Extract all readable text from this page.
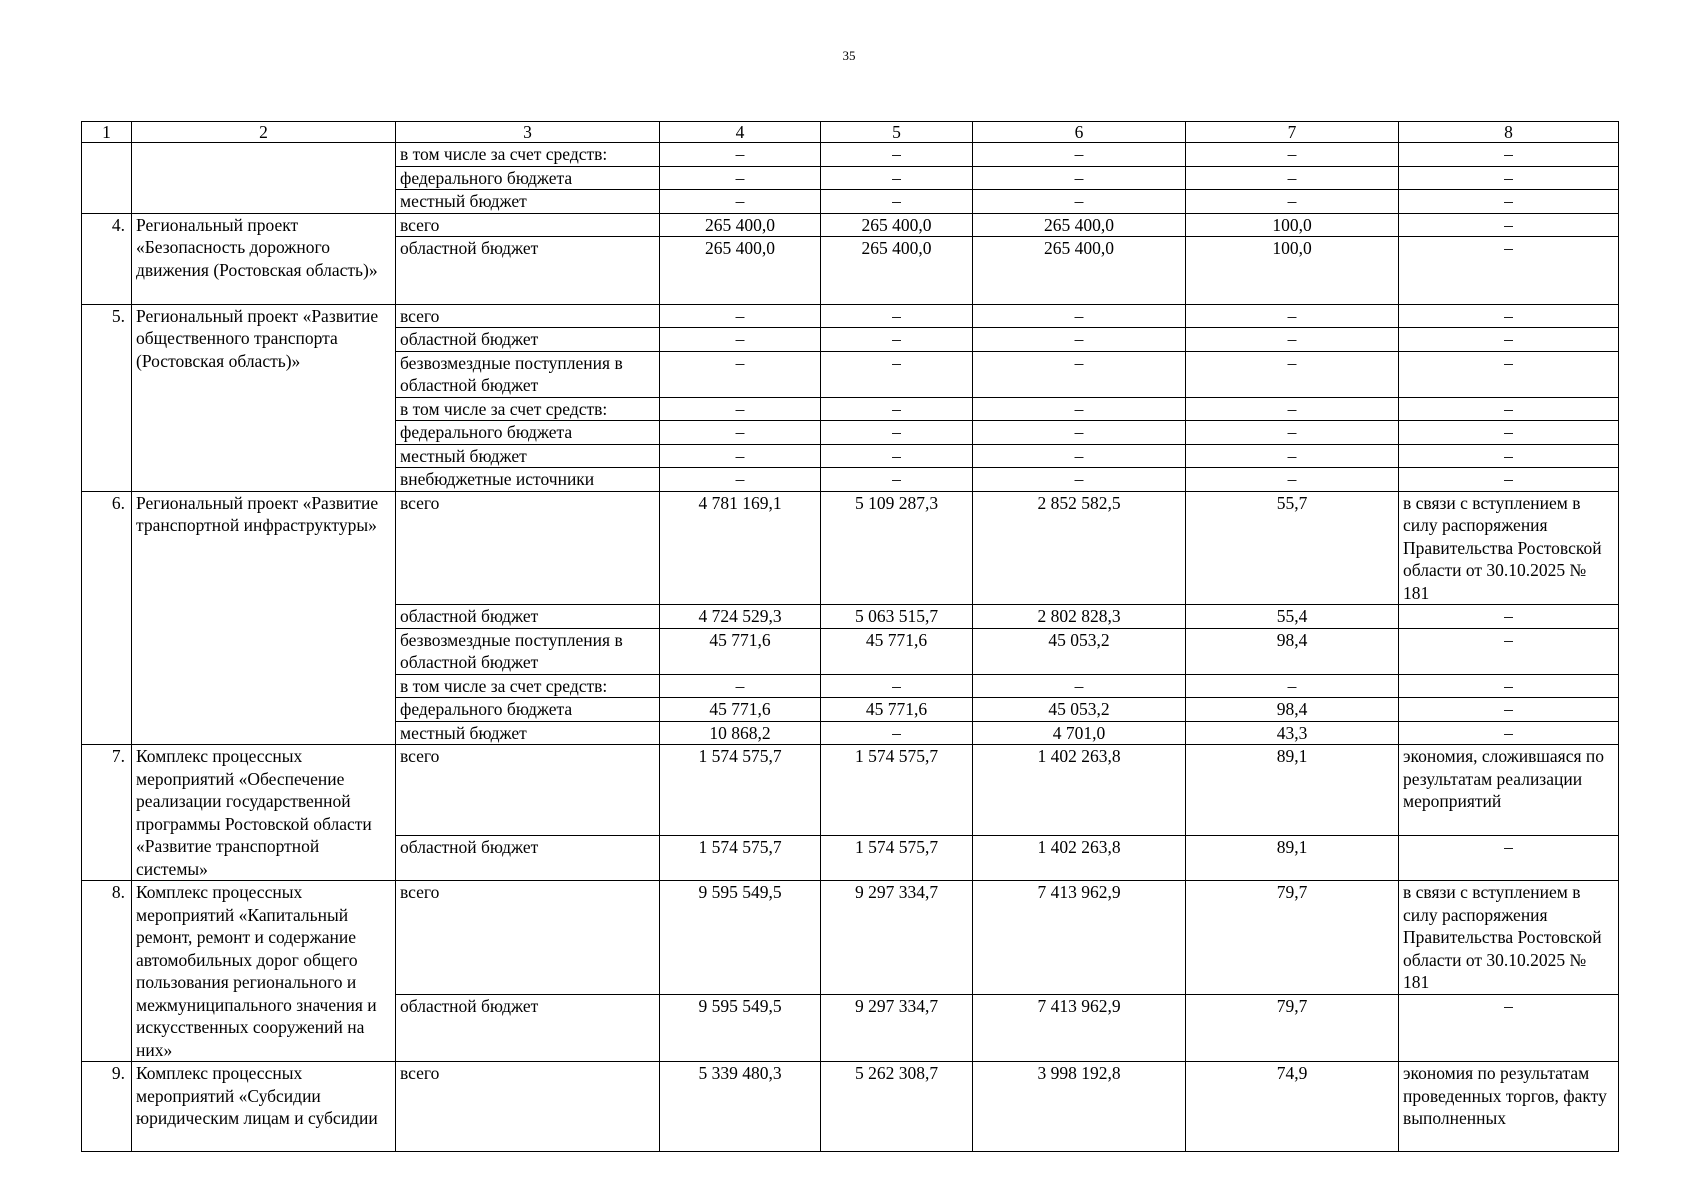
35
1	2	3	4	5	6	7	8
		в том числе за счет средств:	–	–	–	–	–
		федерального бюджета	–	–	–	–	–
		местный бюджет	–	–	–	–	–
4.	Региональный проект «Безопасность дорожного движения (Ростовская область)»	всего	265 400,0	265 400,0	265 400,0	100,0	–
		областной бюджет	265 400,0	265 400,0	265 400,0	100,0	–
5.	Региональный проект «Развитие общественного транспорта (Ростовская область)»	всего	–	–	–	–	–
		областной бюджет	–	–	–	–	–
		безвозмездные поступления в областной бюджет	–	–	–	–	–
		в том числе за счет средств:	–	–	–	–	–
		федерального бюджета	–	–	–	–	–
		местный бюджет	–	–	–	–	–
		внебюджетные источники	–	–	–	–	–
6.	Региональный проект «Развитие транспортной инфраструктуры»	всего	4 781 169,1	5 109 287,3	2 852 582,5	55,7	в связи с вступлением в силу распоряжения Правительства Ростовской области от 30.10.2025 № 181
		областной бюджет	4 724 529,3	5 063 515,7	2 802 828,3	55,4	–
		безвозмездные поступления в областной бюджет	45 771,6	45 771,6	45 053,2	98,4	–
		в том числе за счет средств:	–	–	–	–	–
		федерального бюджета	45 771,6	45 771,6	45 053,2	98,4	–
		местный бюджет	10 868,2	–	4 701,0	43,3	–
7.	Комплекс процессных мероприятий «Обеспечение реализации государственной программы Ростовской области «Развитие транспортной системы»	всего	1 574 575,7	1 574 575,7	1 402 263,8	89,1	экономия, сложившаяся по результатам реализации мероприятий
		областной бюджет	1 574 575,7	1 574 575,7	1 402 263,8	89,1	–
8.	Комплекс процессных мероприятий «Капитальный ремонт, ремонт и содержание автомобильных дорог общего пользования регионального и межмуниципального значения и искусственных сооружений на них»	всего	9 595 549,5	9 297 334,7	7 413 962,9	79,7	в связи с вступлением в силу распоряжения Правительства Ростовской области от 30.10.2025 № 181
		областной бюджет	9 595 549,5	9 297 334,7	7 413 962,9	79,7	–
9.	Комплекс процессных мероприятий «Субсидии юридическим лицам и субсидии	всего	5 339 480,3	5 262 308,7	3 998 192,8	74,9	экономия по результатам проведенных торгов, факту выполненных
